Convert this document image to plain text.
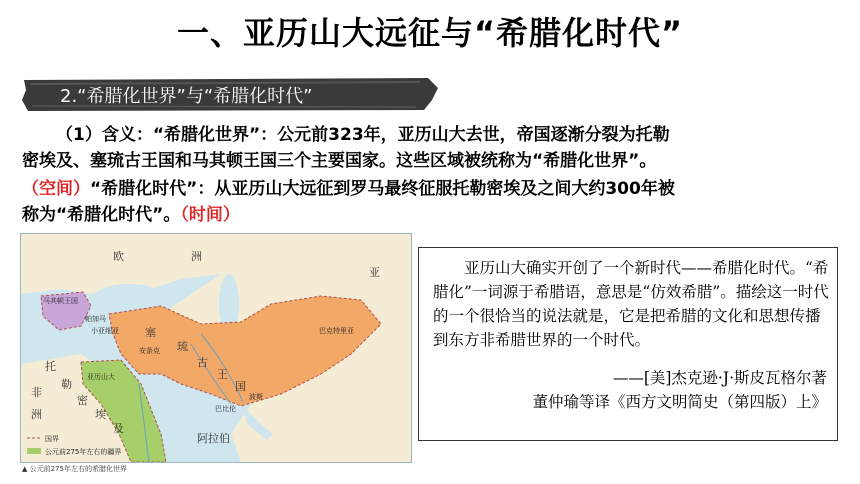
一、亚历山大远征与“希腊化时代”
2.“希腊化世界”与“希腊化时代”
（1）含义：“希腊化世界”：公元前323年，亚历山大去世，帝国逐渐分裂为托勒
密埃及、塞琉古王国和马其顿王国三个主要国家。这些区域被统称为“希腊化世界”。
（空间）“希腊化时代”：从亚历山大远征到罗马最终征服托勒密埃及之间大约300年被
称为“希腊化时代”。（时间）
欧	洲
马其顿王国
帕加马
小亚细亚 塞
琉
古
王
国
巴克特里亚
安条克
亚历山大
巴比伦
波斯
阿拉伯
托
勒
密
埃
及
非
洲
亚
国界
公元前275年左右的疆界
▲ 公元前275年左右的希腊化世界
亚历山大确实开创了一个新时代——希腊化时代。“希腊化”一词源于希腊语，意思是“仿效希腊”。描绘这一时代的一个很恰当的说法就是，它是把希腊的文化和思想传播到东方非希腊世界的一个时代。
——[美]杰克逊·J·斯皮瓦格尔著
董仲瑜等译《西方文明简史（第四版）上》
